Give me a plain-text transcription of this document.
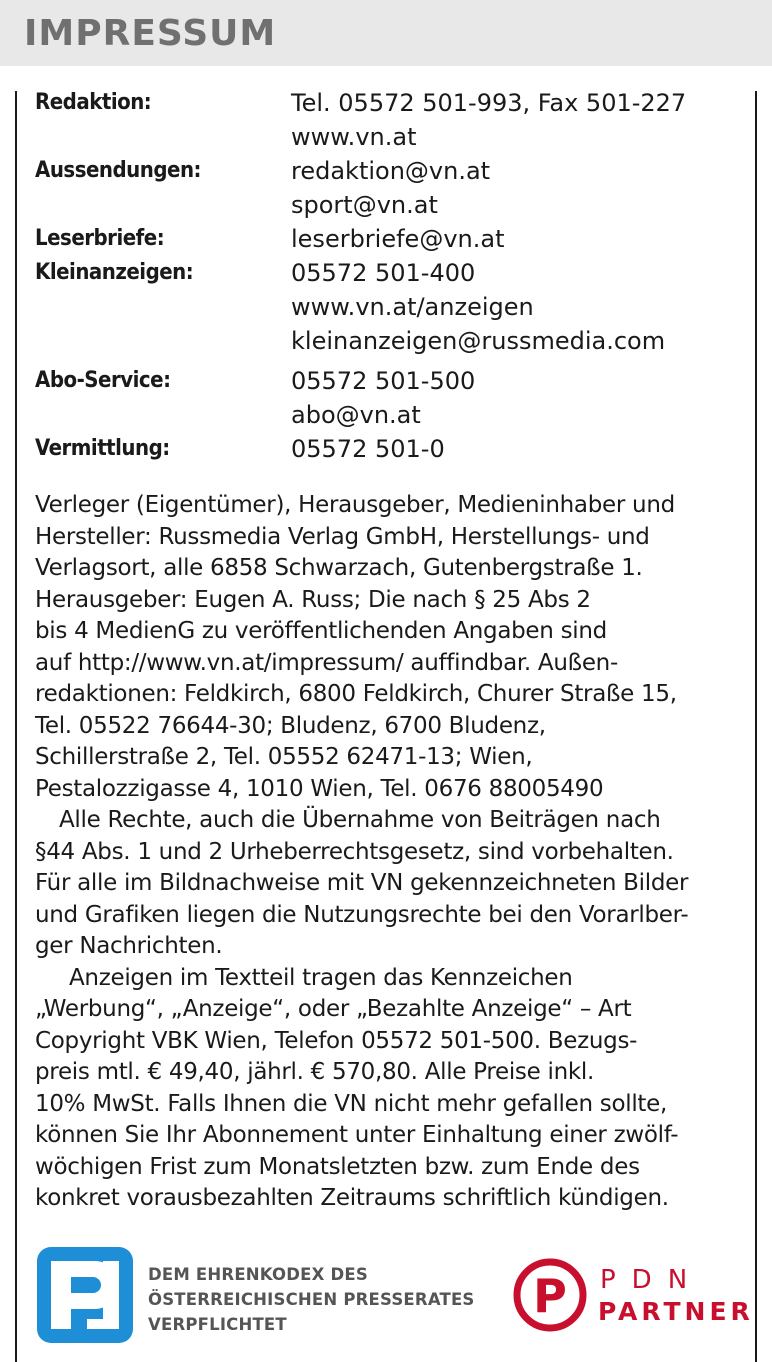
IMPRESSUM
Redaktion:	Tel. 05572 501-993, Fax 501-227
www.vn.at
Aussendungen:	redaktion@vn.at
sport@vn.at
Leserbriefe:	leserbriefe@vn.at
Kleinanzeigen:	05572 501-400
www.vn.at/anzeigen
kleinanzeigen@russmedia.com
Abo-Service:	05572 501-500
abo@vn.at
Vermittlung:	05572 501-0
Verleger (Eigentümer), Herausgeber, Medieninhaber und
Hersteller: Russmedia Verlag GmbH, Herstellungs- und
Verlagsort, alle 6858 Schwarzach, Gutenbergstraße 1.
Herausgeber: Eugen A. Russ; Die nach § 25 Abs 2
bis 4 MedienG zu veröffentlichenden Angaben sind
auf http://www.vn.at/impressum/ auffindbar. Außen-
redaktionen: Feldkirch, 6800 Feldkirch, Churer Straße 15,
Tel. 05522 76644-30; Bludenz, 6700 Bludenz,
Schillerstraße 2, Tel. 05552 62471-13; Wien,
Pestalozzigasse 4, 1010 Wien, Tel. 0676 88005490
Alle Rechte, auch die Übernahme von Beiträgen nach
§44 Abs. 1 und 2 Urheberrechtsgesetz, sind vorbehalten.
Für alle im Bildnachweise mit VN gekennzeichneten Bilder
und Grafiken liegen die Nutzungsrechte bei den Vorarlber-
ger Nachrichten.
Anzeigen im Textteil tragen das Kennzeichen
„Werbung“, „Anzeige“, oder „Bezahlte Anzeige“ – Art
Copyright VBK Wien, Telefon 05572 501-500. Bezugs-
preis mtl. € 49,40, jährl. € 570,80. Alle Preise inkl.
10% MwSt. Falls Ihnen die VN nicht mehr gefallen sollte,
können Sie Ihr Abonnement unter Einhaltung einer zwölf-
wöchigen Frist zum Monatsletzten bzw. zum Ende des
konkret vorausbezahlten Zeitraums schriftlich kündigen.
DEM EHRENKODEX DES
ÖSTERREICHISCHEN PRESSERATES
VERPFLICHTET
P PDN
PARTNER
